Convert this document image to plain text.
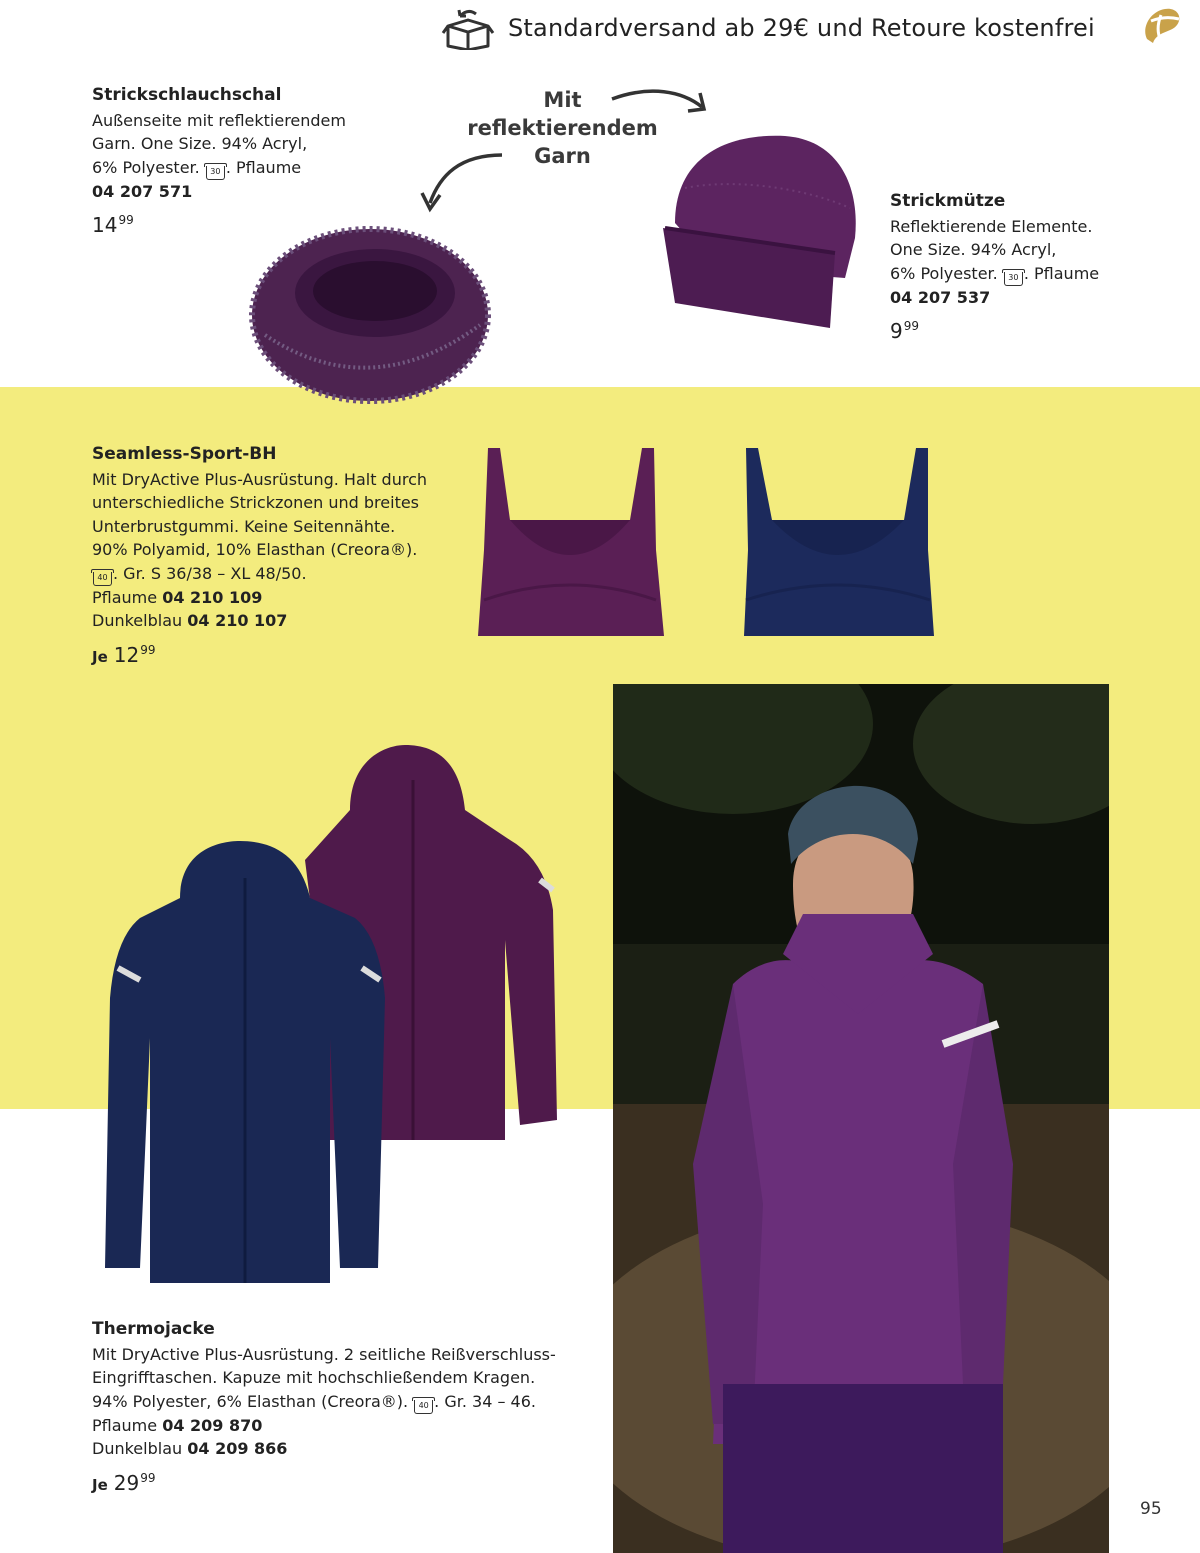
Standardversand ab 29€ und Retoure kostenfrei
Strickschlauchschal
Außenseite mit reflektierendem
Garn. One Size. 94% Acryl,
6% Polyester. 30 . Pflaume
04 207 571
$14^{99}$
Mit
reflektierendem
Garn
Strickmütze
Reflektierende Elemente.
One Size. 94% Acryl,
6% Polyester. 30 . Pflaume
04 207 537
$9^{99}$
Seamless-Sport-BH
Mit DryActive Plus-Ausrüstung. Halt durch
unterschiedliche Strickzonen und breites
Unterbrustgummi. Keine Seitennähte.
90% Polyamid, 10% Elasthan (Creora®).
40 . Gr. S 36/38 – XL 48/50.
Pflaume 04 210 109
Dunkelblau 04 210 107
Je $12^{99}$
Thermojacke
Mit DryActive Plus-Ausrüstung. 2 seitliche Reißverschluss-
Eingrifftaschen. Kapuze mit hochschließendem Kragen.
94% Polyester, 6% Elasthan (Creora®). 40 . Gr. 34 – 46.
Pflaume 04 209 870
Dunkelblau 04 209 866
Je $29^{99}$
95
